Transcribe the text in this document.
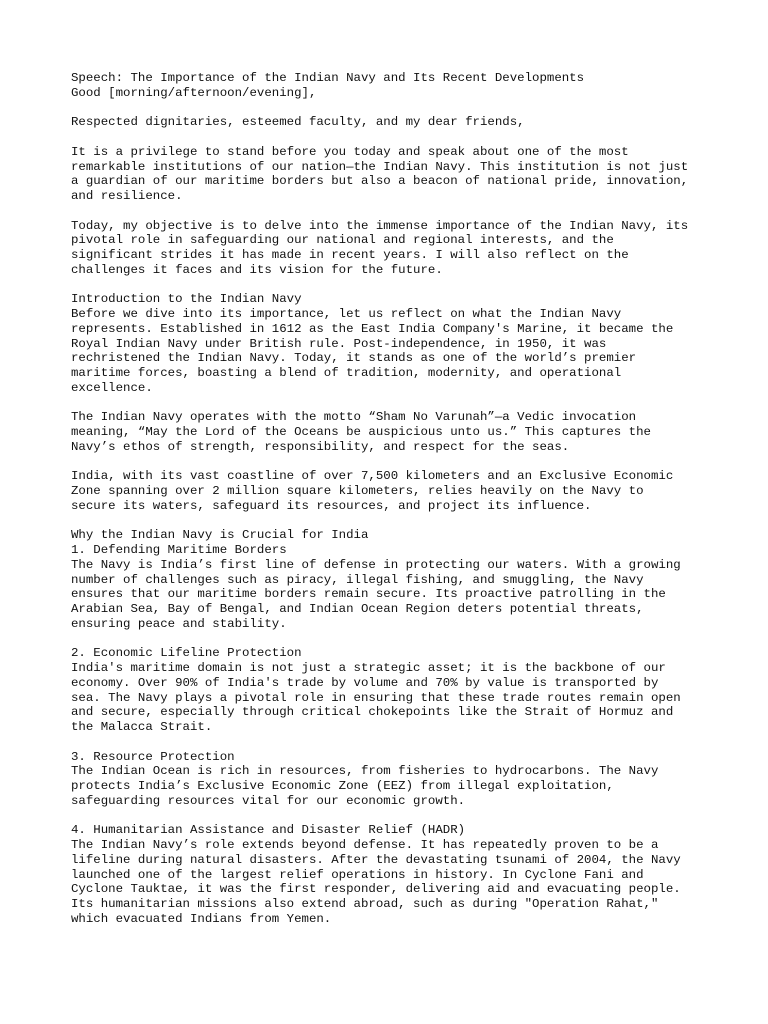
Speech: The Importance of the Indian Navy and Its Recent Developments
Good [morning/afternoon/evening],
Respected dignitaries, esteemed faculty, and my dear friends,
It is a privilege to stand before you today and speak about one of the most
remarkable institutions of our nation—the Indian Navy. This institution is not just
a guardian of our maritime borders but also a beacon of national pride, innovation,
and resilience.
Today, my objective is to delve into the immense importance of the Indian Navy, its
pivotal role in safeguarding our national and regional interests, and the
significant strides it has made in recent years. I will also reflect on the
challenges it faces and its vision for the future.
Introduction to the Indian Navy
Before we dive into its importance, let us reflect on what the Indian Navy
represents. Established in 1612 as the East India Company's Marine, it became the
Royal Indian Navy under British rule. Post-independence, in 1950, it was
rechristened the Indian Navy. Today, it stands as one of the world’s premier
maritime forces, boasting a blend of tradition, modernity, and operational
excellence.
The Indian Navy operates with the motto “Sham No Varunah”—a Vedic invocation
meaning, “May the Lord of the Oceans be auspicious unto us.” This captures the
Navy’s ethos of strength, responsibility, and respect for the seas.
India, with its vast coastline of over 7,500 kilometers and an Exclusive Economic
Zone spanning over 2 million square kilometers, relies heavily on the Navy to
secure its waters, safeguard its resources, and project its influence.
Why the Indian Navy is Crucial for India
1. Defending Maritime Borders
The Navy is India’s first line of defense in protecting our waters. With a growing
number of challenges such as piracy, illegal fishing, and smuggling, the Navy
ensures that our maritime borders remain secure. Its proactive patrolling in the
Arabian Sea, Bay of Bengal, and Indian Ocean Region deters potential threats,
ensuring peace and stability.
2. Economic Lifeline Protection
India's maritime domain is not just a strategic asset; it is the backbone of our
economy. Over 90% of India's trade by volume and 70% by value is transported by
sea. The Navy plays a pivotal role in ensuring that these trade routes remain open
and secure, especially through critical chokepoints like the Strait of Hormuz and
the Malacca Strait.
3. Resource Protection
The Indian Ocean is rich in resources, from fisheries to hydrocarbons. The Navy
protects India’s Exclusive Economic Zone (EEZ) from illegal exploitation,
safeguarding resources vital for our economic growth.
4. Humanitarian Assistance and Disaster Relief (HADR)
The Indian Navy’s role extends beyond defense. It has repeatedly proven to be a
lifeline during natural disasters. After the devastating tsunami of 2004, the Navy
launched one of the largest relief operations in history. In Cyclone Fani and
Cyclone Tauktae, it was the first responder, delivering aid and evacuating people.
Its humanitarian missions also extend abroad, such as during "Operation Rahat,"
which evacuated Indians from Yemen.
